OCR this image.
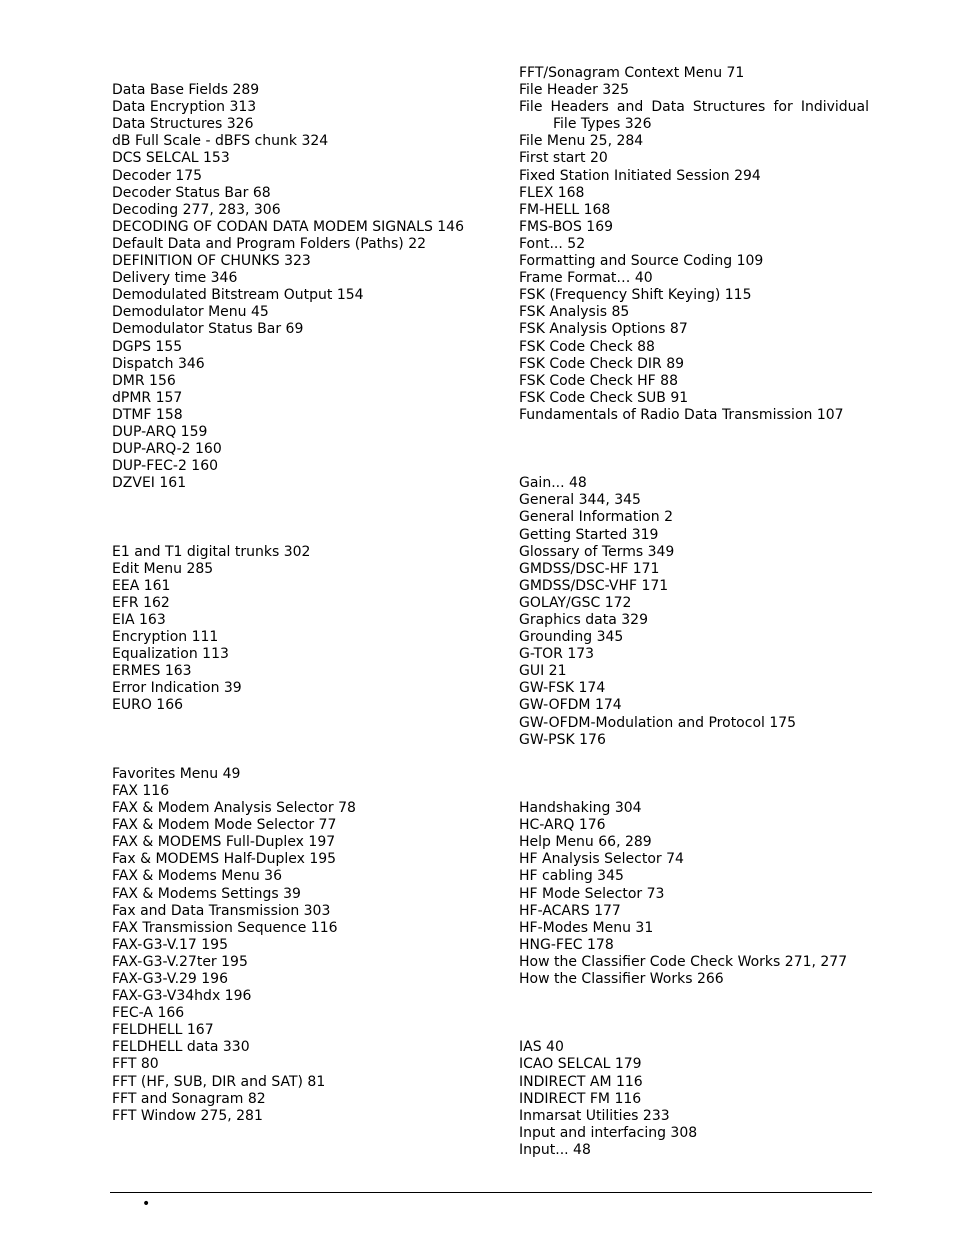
Data Base Fields 289
Data Encryption 313
Data Structures 326
dB Full Scale - dBFS chunk 324
DCS SELCAL 153
Decoder 175
Decoder Status Bar 68
Decoding 277, 283, 306
DECODING OF CODAN DATA MODEM SIGNALS 146
Default Data and Program Folders (Paths) 22
DEFINITION OF CHUNKS 323
Delivery time 346
Demodulated Bitstream Output 154
Demodulator Menu 45
Demodulator Status Bar 69
DGPS 155
Dispatch 346
DMR 156
dPMR 157
DTMF 158
DUP-ARQ 159
DUP-ARQ-2 160
DUP-FEC-2 160
DZVEI 161
E1 and T1 digital trunks 302
Edit Menu 285
EEA 161
EFR 162
EIA 163
Encryption 111
Equalization 113
ERMES 163
Error Indication 39
EURO 166
Favorites Menu 49
FAX 116
FAX & Modem Analysis Selector 78
FAX & Modem Mode Selector 77
FAX & MODEMS Full-Duplex 197
Fax & MODEMS Half-Duplex 195
FAX & Modems Menu 36
FAX & Modems Settings 39
Fax and Data Transmission 303
FAX Transmission Sequence 116
FAX-G3-V.17 195
FAX-G3-V.27ter 195
FAX-G3-V.29 196
FAX-G3-V34hdx 196
FEC-A 166
FELDHELL 167
FELDHELL data 330
FFT 80
FFT (HF, SUB, DIR and SAT) 81
FFT and Sonagram 82
FFT Window 275, 281
FFT/Sonagram Context Menu 71
File Header 325
File Headers and Data Structures for Individual File Types 326
File Menu 25, 284
First start 20
Fixed Station Initiated Session 294
FLEX 168
FM-HELL 168
FMS-BOS 169
Font... 52
Formatting and Source Coding 109
Frame Format… 40
FSK (Frequency Shift Keying) 115
FSK Analysis 85
FSK Analysis Options 87
FSK Code Check 88
FSK Code Check DIR 89
FSK Code Check HF 88
FSK Code Check SUB 91
Fundamentals of Radio Data Transmission 107
Gain... 48
General 344, 345
General Information 2
Getting Started 319
Glossary of Terms 349
GMDSS/DSC-HF 171
GMDSS/DSC-VHF 171
GOLAY/GSC 172
Graphics data 329
Grounding 345
G-TOR 173
GUI 21
GW-FSK 174
GW-OFDM 174
GW-OFDM-Modulation and Protocol 175
GW-PSK 176
Handshaking 304
HC-ARQ 176
Help Menu 66, 289
HF Analysis Selector 74
HF cabling 345
HF Mode Selector 73
HF-ACARS 177
HF-Modes Menu 31
HNG-FEC 178
How the Classifier Code Check Works 271, 277
How the Classifier Works 266
IAS 40
ICAO SELCAL 179
INDIRECT AM 116
INDIRECT FM 116
Inmarsat Utilities 233
Input and interfacing 308
Input... 48
•
